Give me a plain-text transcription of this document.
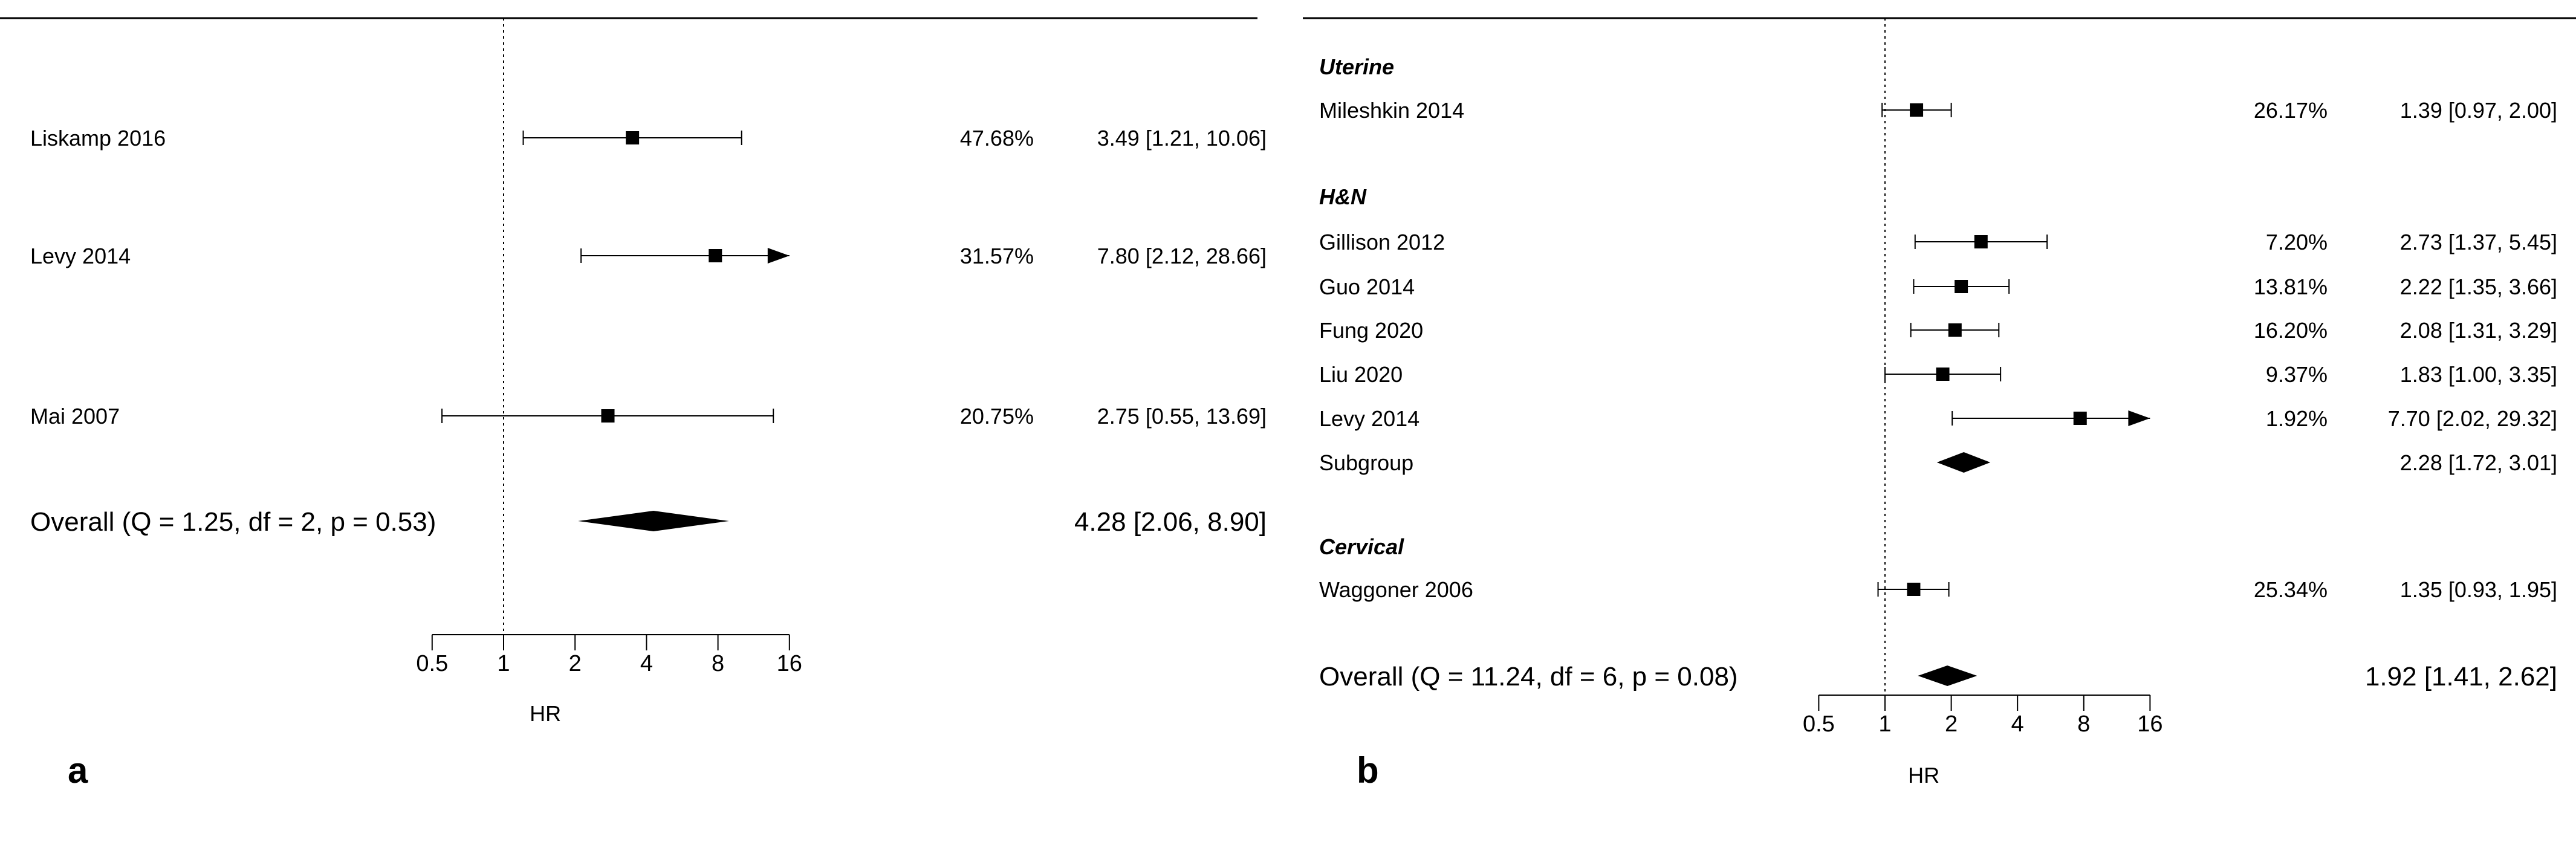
Liskamp 2016	47.68%	3.49 [1.21, 10.06]
Levy 2014	31.57%	7.80 [2.12, 28.66]
Mai 2007	20.75%	2.75 [0.55, 13.69]
Overall (Q = 1.25, df = 2, p = 0.53)	4.28 [2.06, 8.90]
0.5 1	2	4	8 16
HR
a
Uterine
Mileshkin 2014	26.17%	1.39 [0.97, 2.00]
H&N
Gillison 2012	7.20%	2.73 [1.37, 5.45]
Guo 2014	13.81%	2.22 [1.35, 3.66]
Fung 2020	16.20%	2.08 [1.31, 3.29]
Liu 2020	9.37%	1.83 [1.00, 3.35]
Levy 2014	1.92%	7.70 [2.02, 29.32]
Subgroup	2.28 [1.72, 3.01]
Cervical
Waggoner 2006	25.34%	1.35 [0.93, 1.95]
Overall (Q = 11.24, df = 6, p = 0.08)	1.92 [1.41, 2.62]
0.5 1 2 4 8 16
HR
b
